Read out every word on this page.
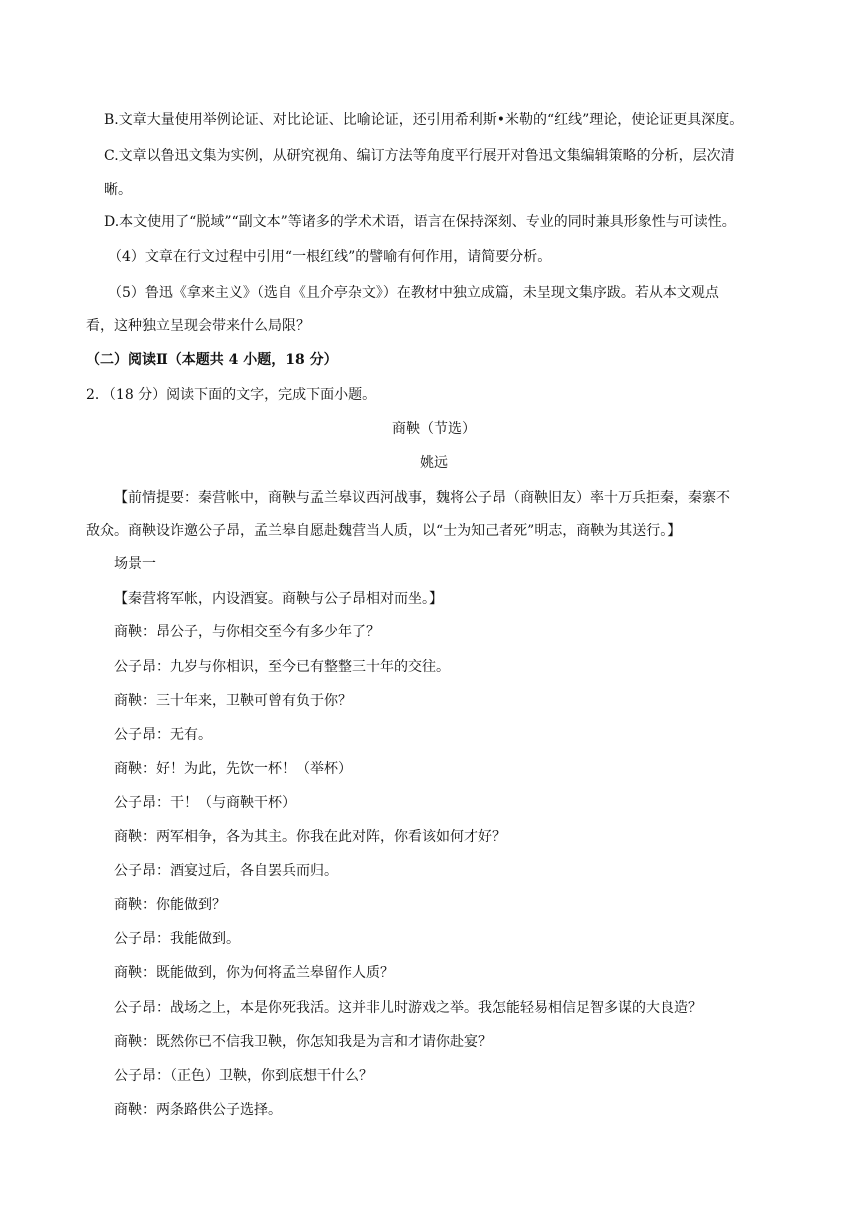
B.文章大量使用举例论证、对比论证、比喻论证，还引用希利斯•米勒的“红线”理论，使论证更具深度。
C.文章以鲁迅文集为实例，从研究视角、编订方法等角度平行展开对鲁迅文集编辑策略的分析，层次清
晰。
D.本文使用了“脱域”“副文本”等诸多的学术术语，语言在保持深刻、专业的同时兼具形象性与可读性。
（4）文章在行文过程中引用“一根红线”的譬喻有何作用，请简要分析。
（5）鲁迅《拿来主义》（选自《且介亭杂文》）在教材中独立成篇，未呈现文集序跋。若从本文观点
看，这种独立呈现会带来什么局限？
（二）阅读Ⅱ（本题共 4 小题，18 分）
2．（18 分）阅读下面的文字，完成下面小题。
商鞅（节选）
姚远
【前情提要：秦营帐中，商鞅与孟兰皋议西河战事，魏将公子昂（商鞅旧友）率十万兵拒秦，秦寨不
敌众。商鞅设诈邀公子昂，孟兰皋自愿赴魏营当人质，以“士为知己者死”明志，商鞅为其送行。】
场景一
【秦营将军帐，内设酒宴。商鞅与公子昂相对而坐。】
商鞅：昂公子，与你相交至今有多少年了？
公子昂：九岁与你相识，至今已有整整三十年的交往。
商鞅：三十年来，卫鞅可曾有负于你？
公子昂：无有。
商鞅：好！为此，先饮一杯！（举杯）
公子昂：干！（与商鞅干杯）
商鞅：两军相争，各为其主。你我在此对阵，你看该如何才好？
公子昂：酒宴过后，各自罢兵而归。
商鞅：你能做到？
公子昂：我能做到。
商鞅：既能做到，你为何将孟兰皋留作人质？
公子昂：战场之上，本是你死我活。这并非儿时游戏之举。我怎能轻易相信足智多谋的大良造？
商鞅：既然你已不信我卫鞅，你怎知我是为言和才请你赴宴？
公子昂：（正色）卫鞅，你到底想干什么？
商鞅：两条路供公子选择。
